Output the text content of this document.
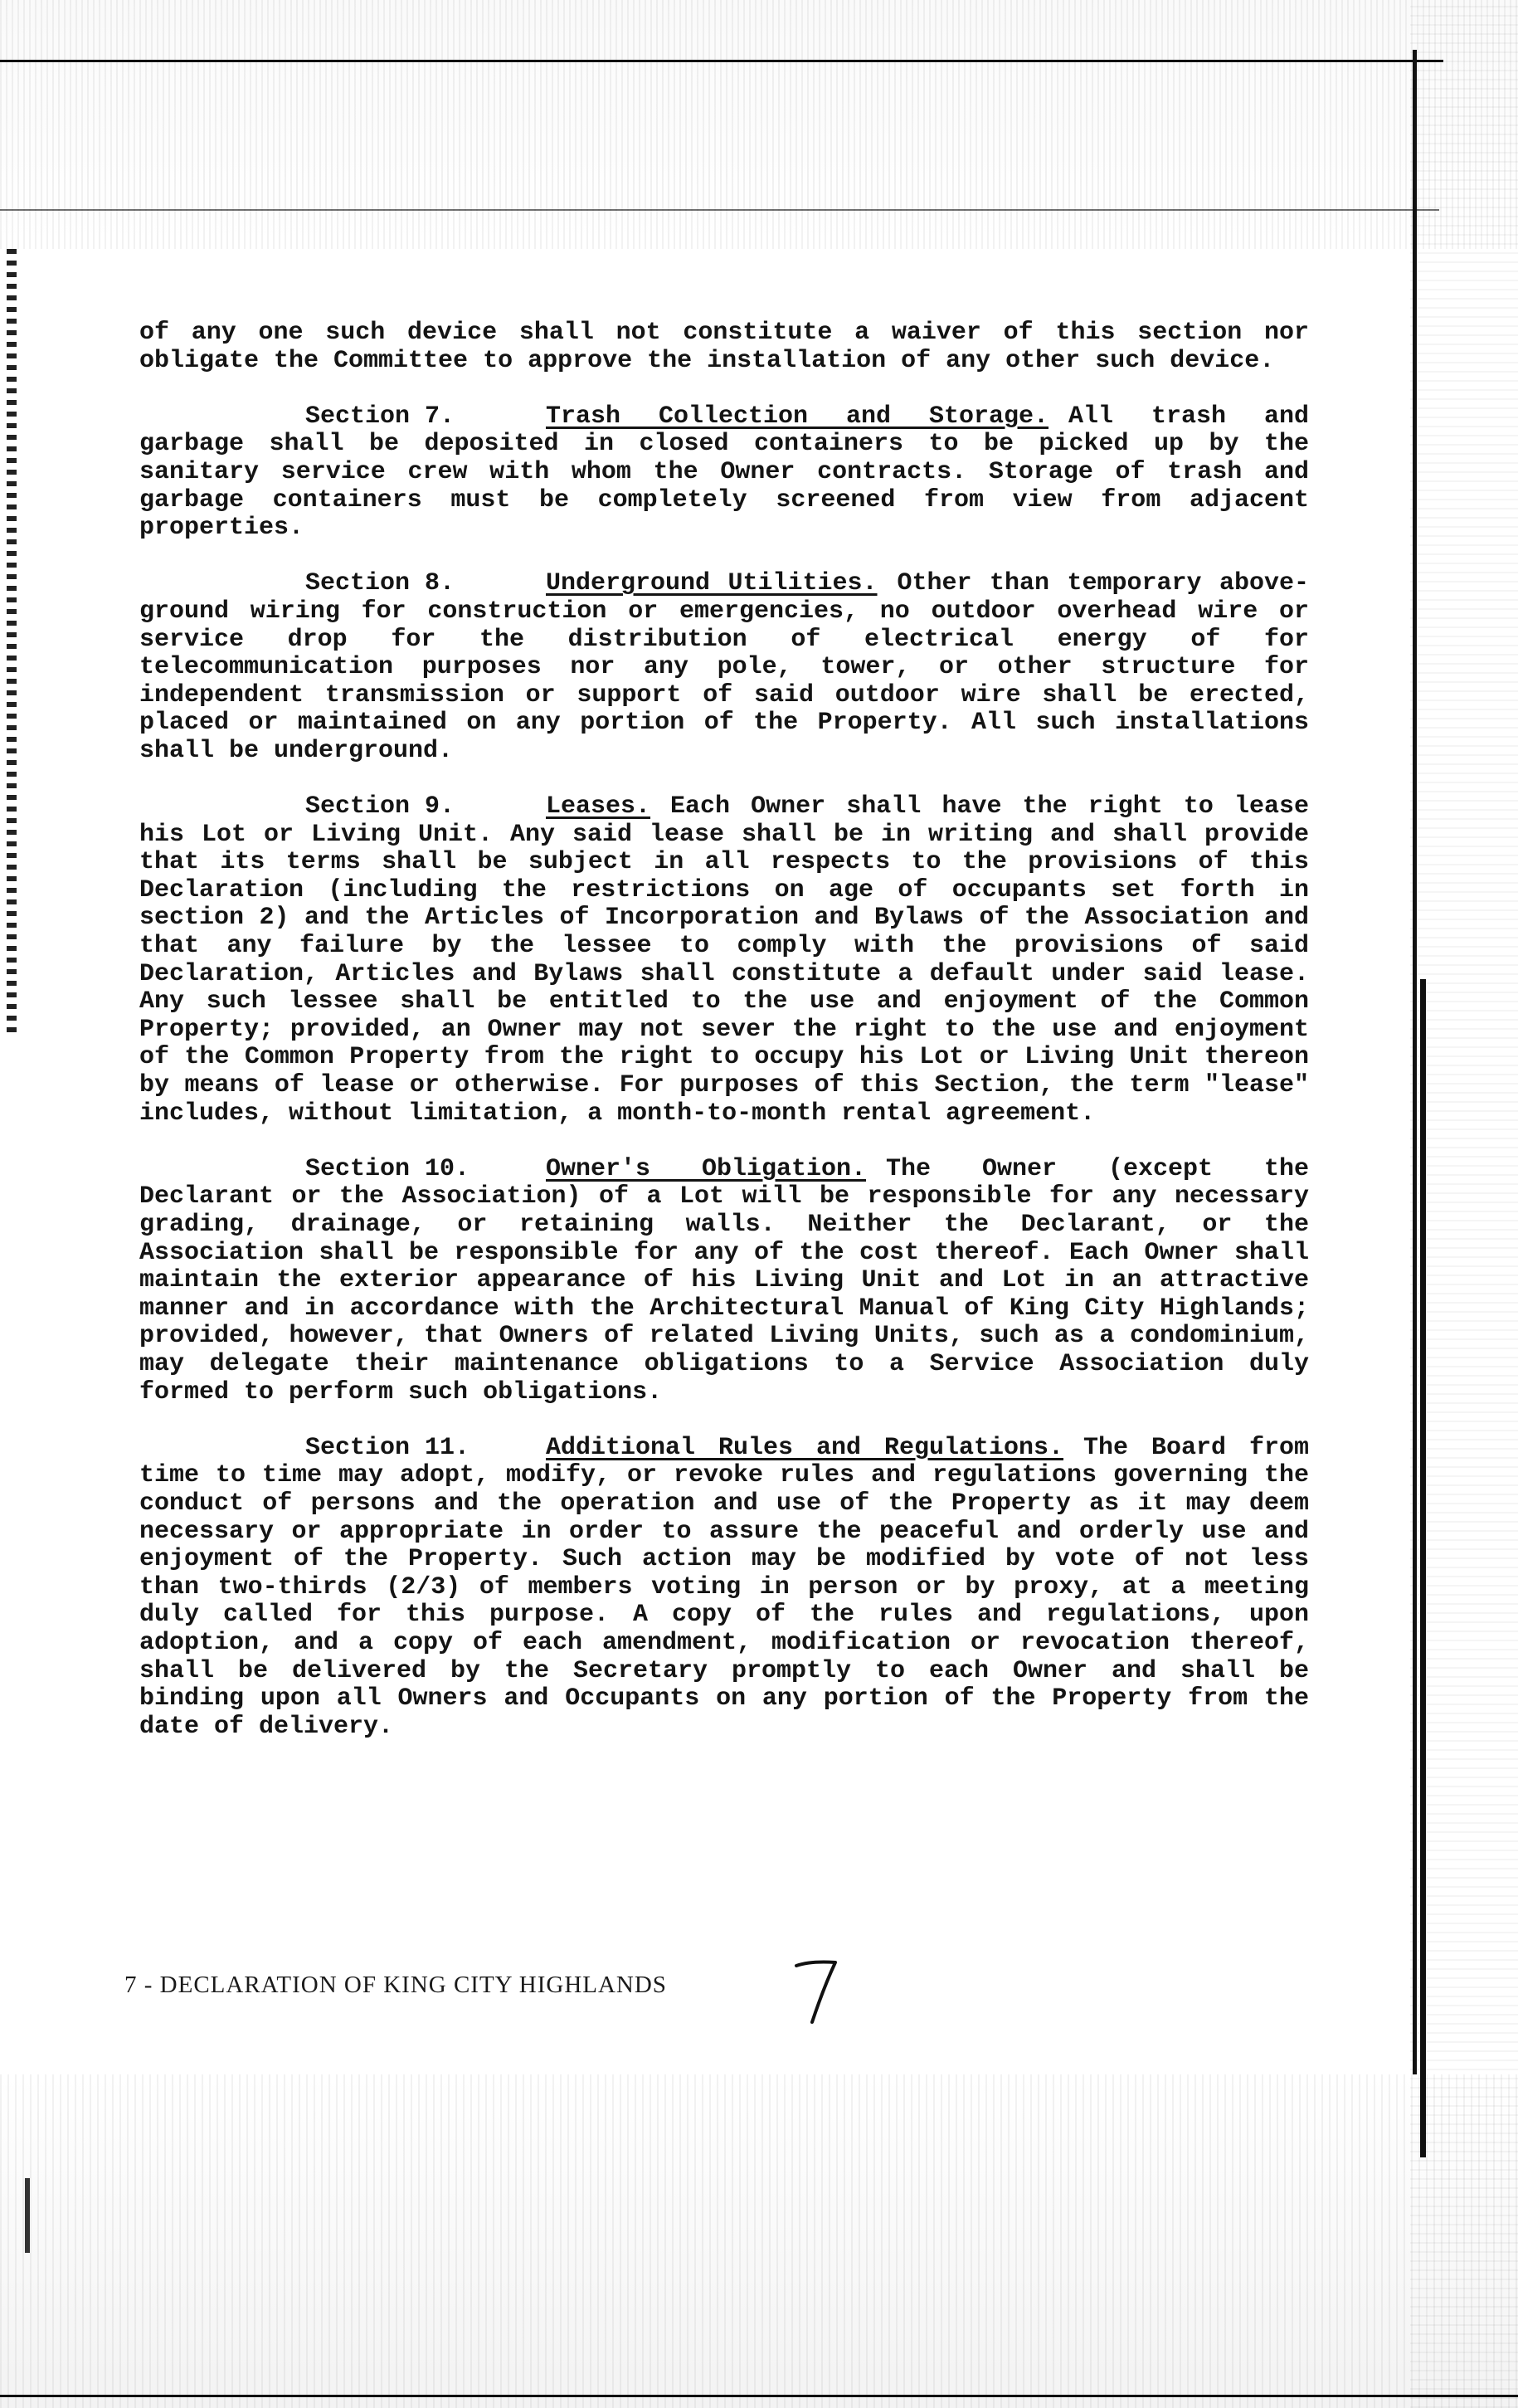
of any one such device shall not constitute a waiver of this section nor obligate the Committee to approve the installation of any other such device.

Section 7.	Trash Collection and Storage. All trash and garbage shall be deposited in closed containers to be picked up by the sanitary service crew with whom the Owner contracts. Storage of trash and garbage containers must be completely screened from view from adjacent properties.

Section 8.	Underground Utilities. Other than temporary above-ground wiring for construction or emergencies, no outdoor overhead wire or service drop for the distribution of electrical energy of for telecommunication purposes nor any pole, tower, or other structure for independent transmission or support of said outdoor wire shall be erected, placed or maintained on any portion of the Property. All such installations shall be underground.

Section 9.	Leases. Each Owner shall have the right to lease his Lot or Living Unit. Any said lease shall be in writing and shall provide that its terms shall be subject in all respects to the provisions of this Declaration (including the restrictions on age of occupants set forth in section 2) and the Articles of Incorporation and Bylaws of the Association and that any failure by the lessee to comply with the provisions of said Declaration, Articles and Bylaws shall constitute a default under said lease. Any such lessee shall be entitled to the use and enjoyment of the Common Property; provided, an Owner may not sever the right to the use and enjoyment of the Common Property from the right to occupy his Lot or Living Unit thereon by means of lease or otherwise. For purposes of this Section, the term "lease" includes, without limitation, a month-to-month rental agreement.

Section 10.	Owner's Obligation. The Owner (except the Declarant or the Association) of a Lot will be responsible for any necessary grading, drainage, or retaining walls. Neither the Declarant, or the Association shall be responsible for any of the cost thereof. Each Owner shall maintain the exterior appearance of his Living Unit and Lot in an attractive manner and in accordance with the Architectural Manual of King City Highlands; provided, however, that Owners of related Living Units, such as a condominium, may delegate their maintenance obligations to a Service Association duly formed to perform such obligations.

Section 11.	Additional Rules and Regulations. The Board from time to time may adopt, modify, or revoke rules and regulations governing the conduct of persons and the operation and use of the Property as it may deem necessary or appropriate in order to assure the peaceful and orderly use and enjoyment of the Property. Such action may be modified by vote of not less than two-thirds (2/3) of members voting in person or by proxy, at a meeting duly called for this purpose. A copy of the rules and regulations, upon adoption, and a copy of each amendment, modification or revocation thereof, shall be delivered by the Secretary promptly to each Owner and shall be binding upon all Owners and Occupants on any portion of the Property from the date of delivery.

7 - DECLARATION OF KING CITY HIGHLANDS
